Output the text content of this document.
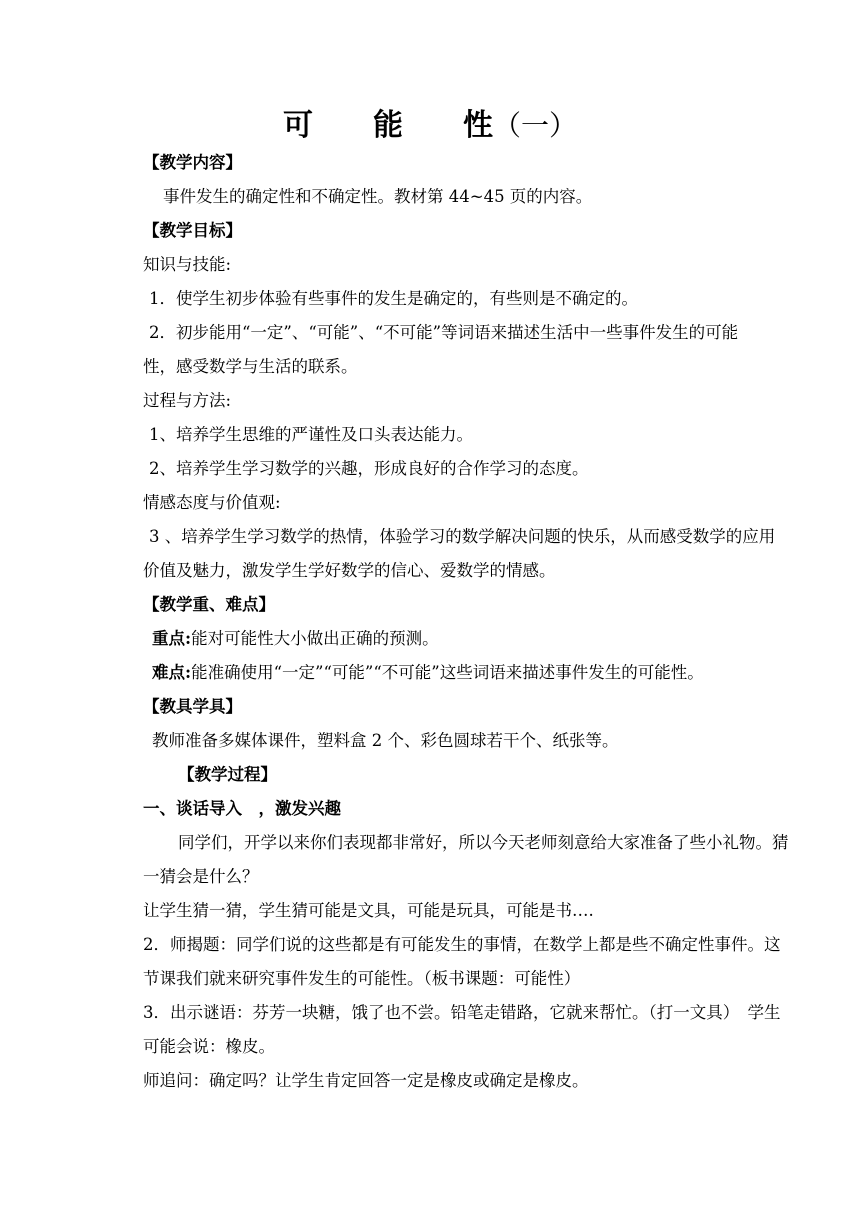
可 能 性（一）
【教学内容】
事件发生的确定性和不确定性。教材第 44~45 页的内容。
【教学目标】
知识与技能:
1．使学生初步体验有些事件的发生是确定的，有些则是不确定的。
2．初步能用“一定”、“可能”、“不可能”等词语来描述生活中一些事件发生的可能
性，感受数学与生活的联系。
过程与方法:
1、培养学生思维的严谨性及口头表达能力。
2、培养学生学习数学的兴趣，形成良好的合作学习的态度。
情感态度与价值观:
3 、培养学生学习数学的热情，体验学习的数学解决问题的快乐，从而感受数学的应用
价值及魅力，激发学生学好数学的信心、爱数学的情感。
【教学重、难点】
重点:能对可能性大小做出正确的预测。
难点:能准确使用“一定”“可能”“不可能”这些词语来描述事件发生的可能性。
【教具学具】
教师准备多媒体课件，塑料盒 2 个、彩色圆球若干个、纸张等。
【教学过程】
一、谈话导入　，激发兴趣
同学们，开学以来你们表现都非常好，所以今天老师刻意给大家准备了些小礼物。猜
一猜会是什么？
让学生猜一猜，学生猜可能是文具，可能是玩具，可能是书….
2．师揭题：同学们说的这些都是有可能发生的事情，在数学上都是些不确定性事件。这
节课我们就来研究事件发生的可能性。（板书课题：可能性）
3．出示谜语：芬芳一块糖，饿了也不尝。铅笔走错路，它就来帮忙。（打一文具）　学生
可能会说：橡皮。
师追问：确定吗？让学生肯定回答一定是橡皮或确定是橡皮。
